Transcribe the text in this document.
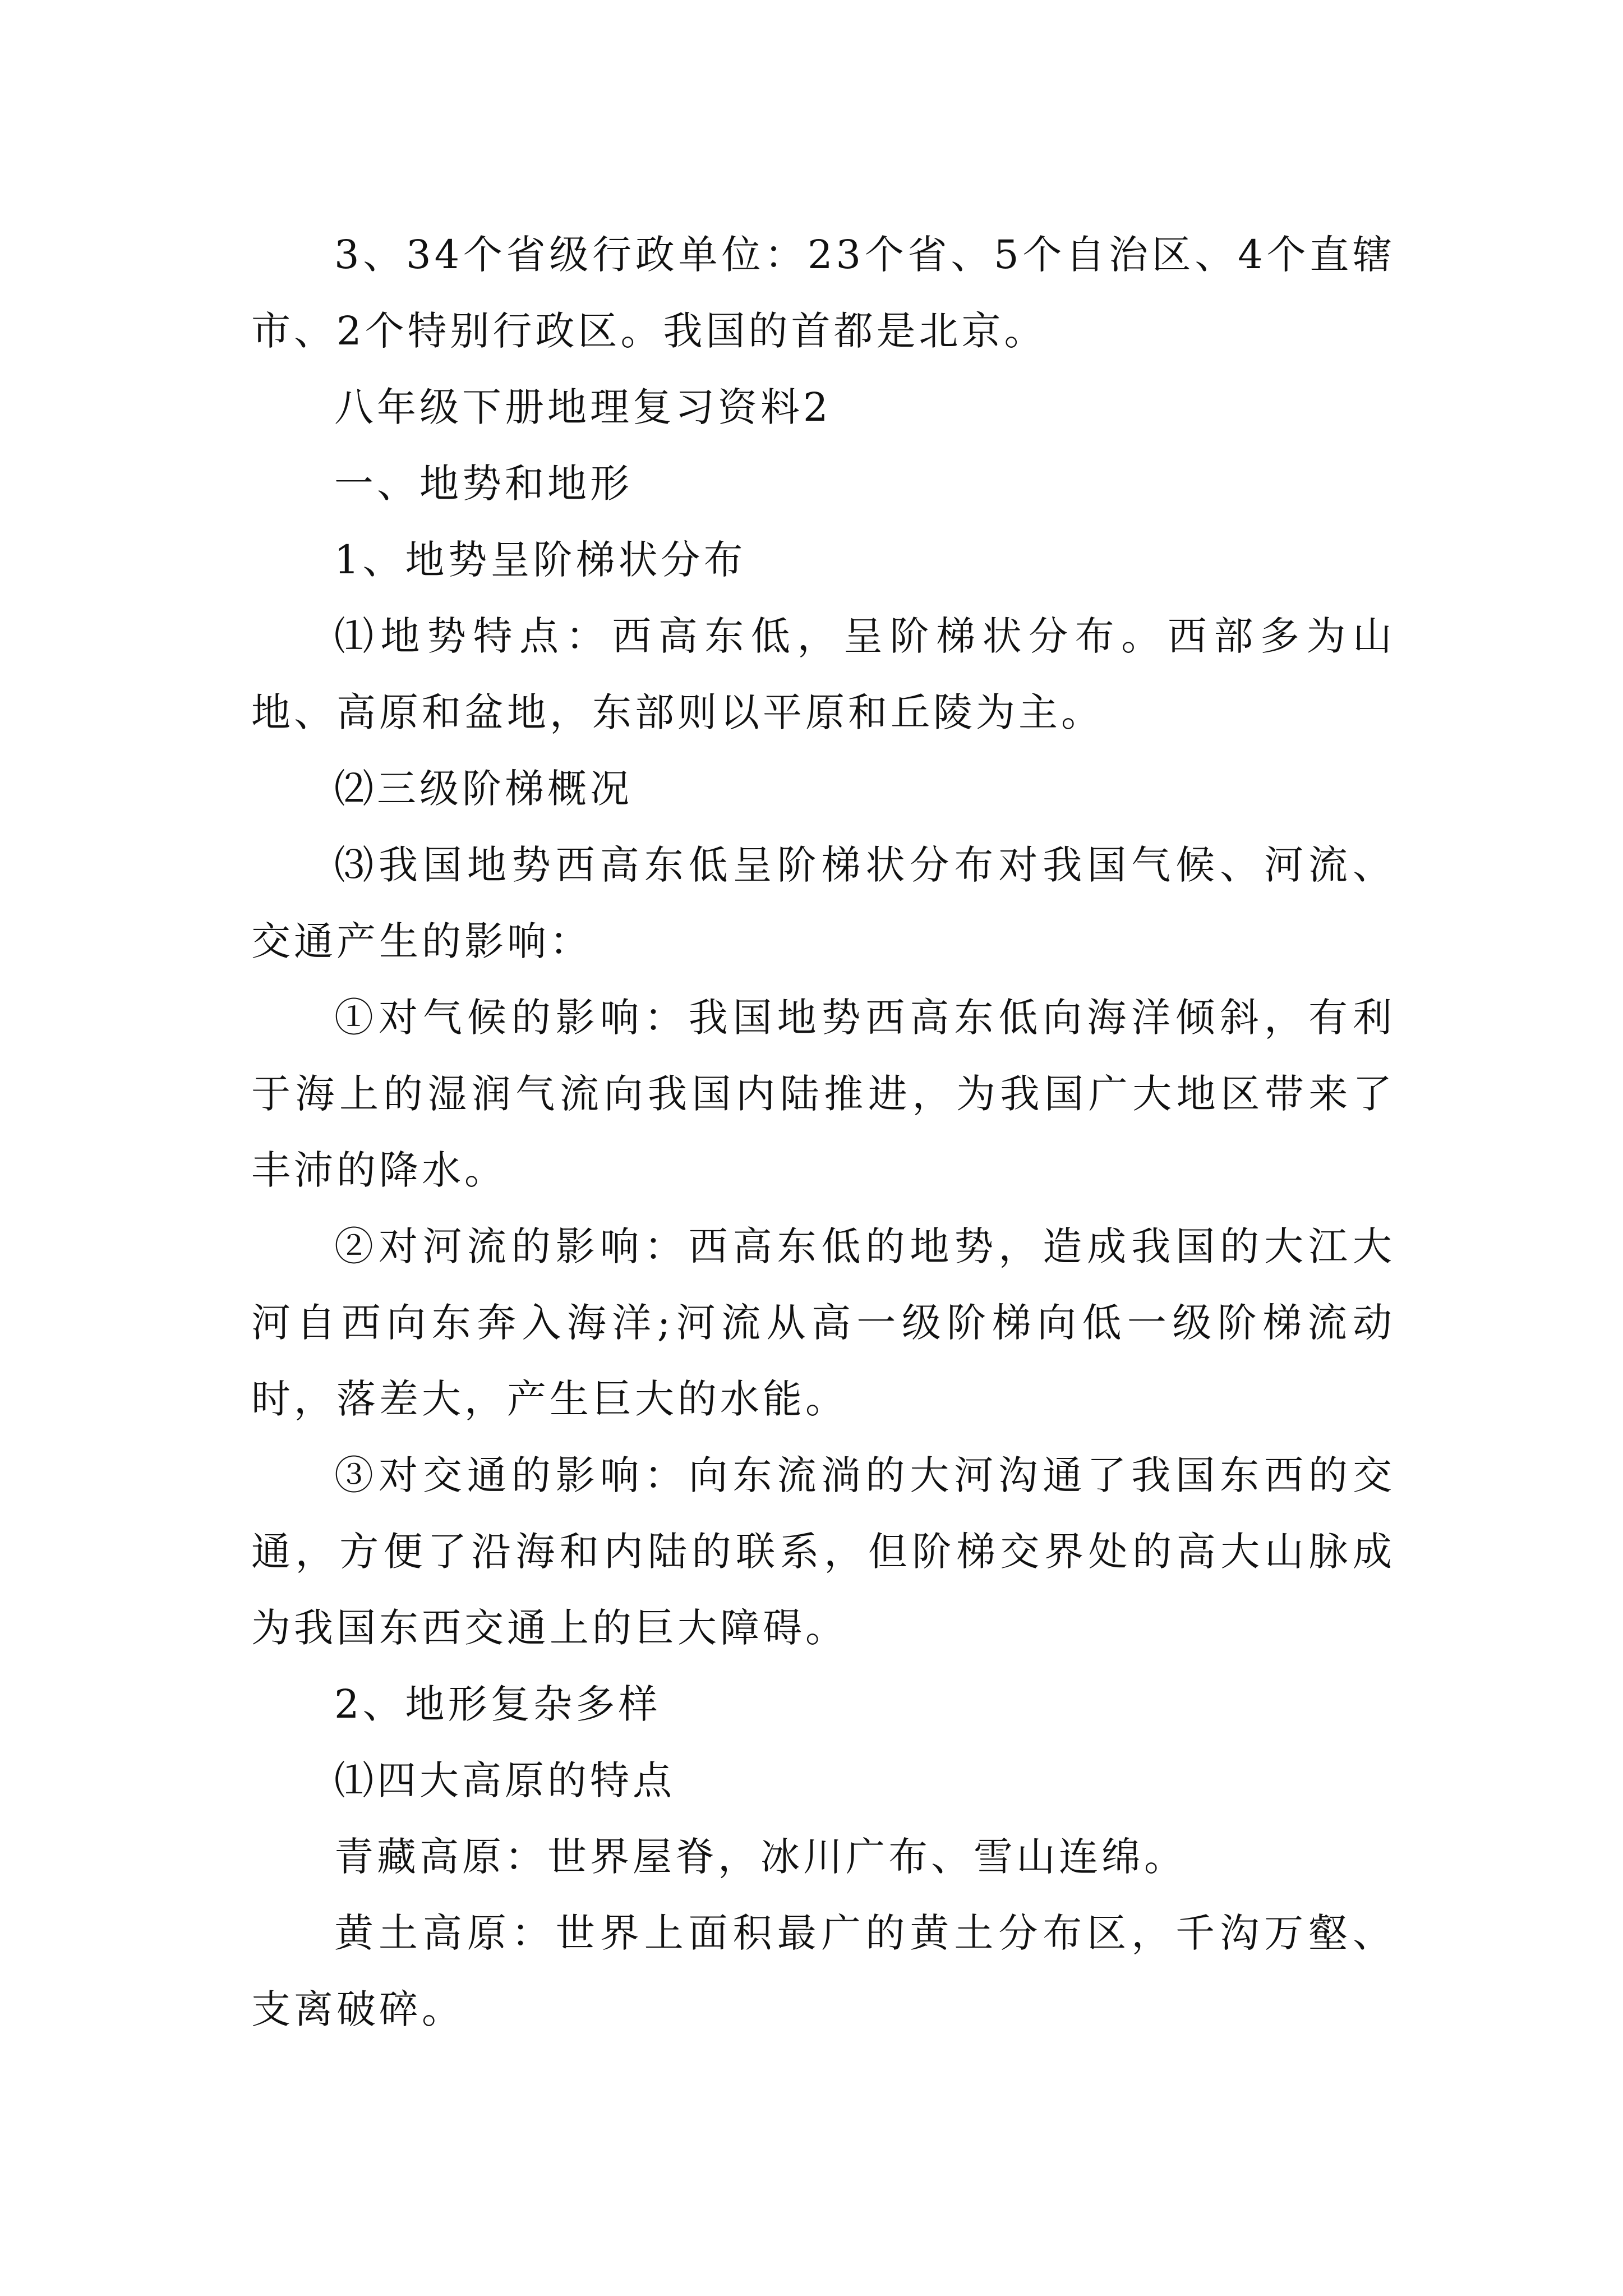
3、34个省级行政单位：23个省、5个自治区、4个直辖市、2个特别行政区。我国的首都是北京。

八年级下册地理复习资料2

一、地势和地形

1、地势呈阶梯状分布

⑴地势特点：西高东低，呈阶梯状分布。西部多为山地、高原和盆地，东部则以平原和丘陵为主。

⑵三级阶梯概况

⑶我国地势西高东低呈阶梯状分布对我国气候、河流、交通产生的影响：

①对气候的影响：我国地势西高东低向海洋倾斜，有利于海上的湿润气流向我国内陆推进，为我国广大地区带来了丰沛的降水。

②对河流的影响：西高东低的地势，造成我国的大江大河自西向东奔入海洋;河流从高一级阶梯向低一级阶梯流动时，落差大，产生巨大的水能。

③对交通的影响：向东流淌的大河沟通了我国东西的交通，方便了沿海和内陆的联系，但阶梯交界处的高大山脉成为我国东西交通上的巨大障碍。

2、地形复杂多样

⑴四大高原的特点

青藏高原：世界屋脊，冰川广布、雪山连绵。

黄土高原：世界上面积最广的黄土分布区，千沟万壑、支离破碎。
